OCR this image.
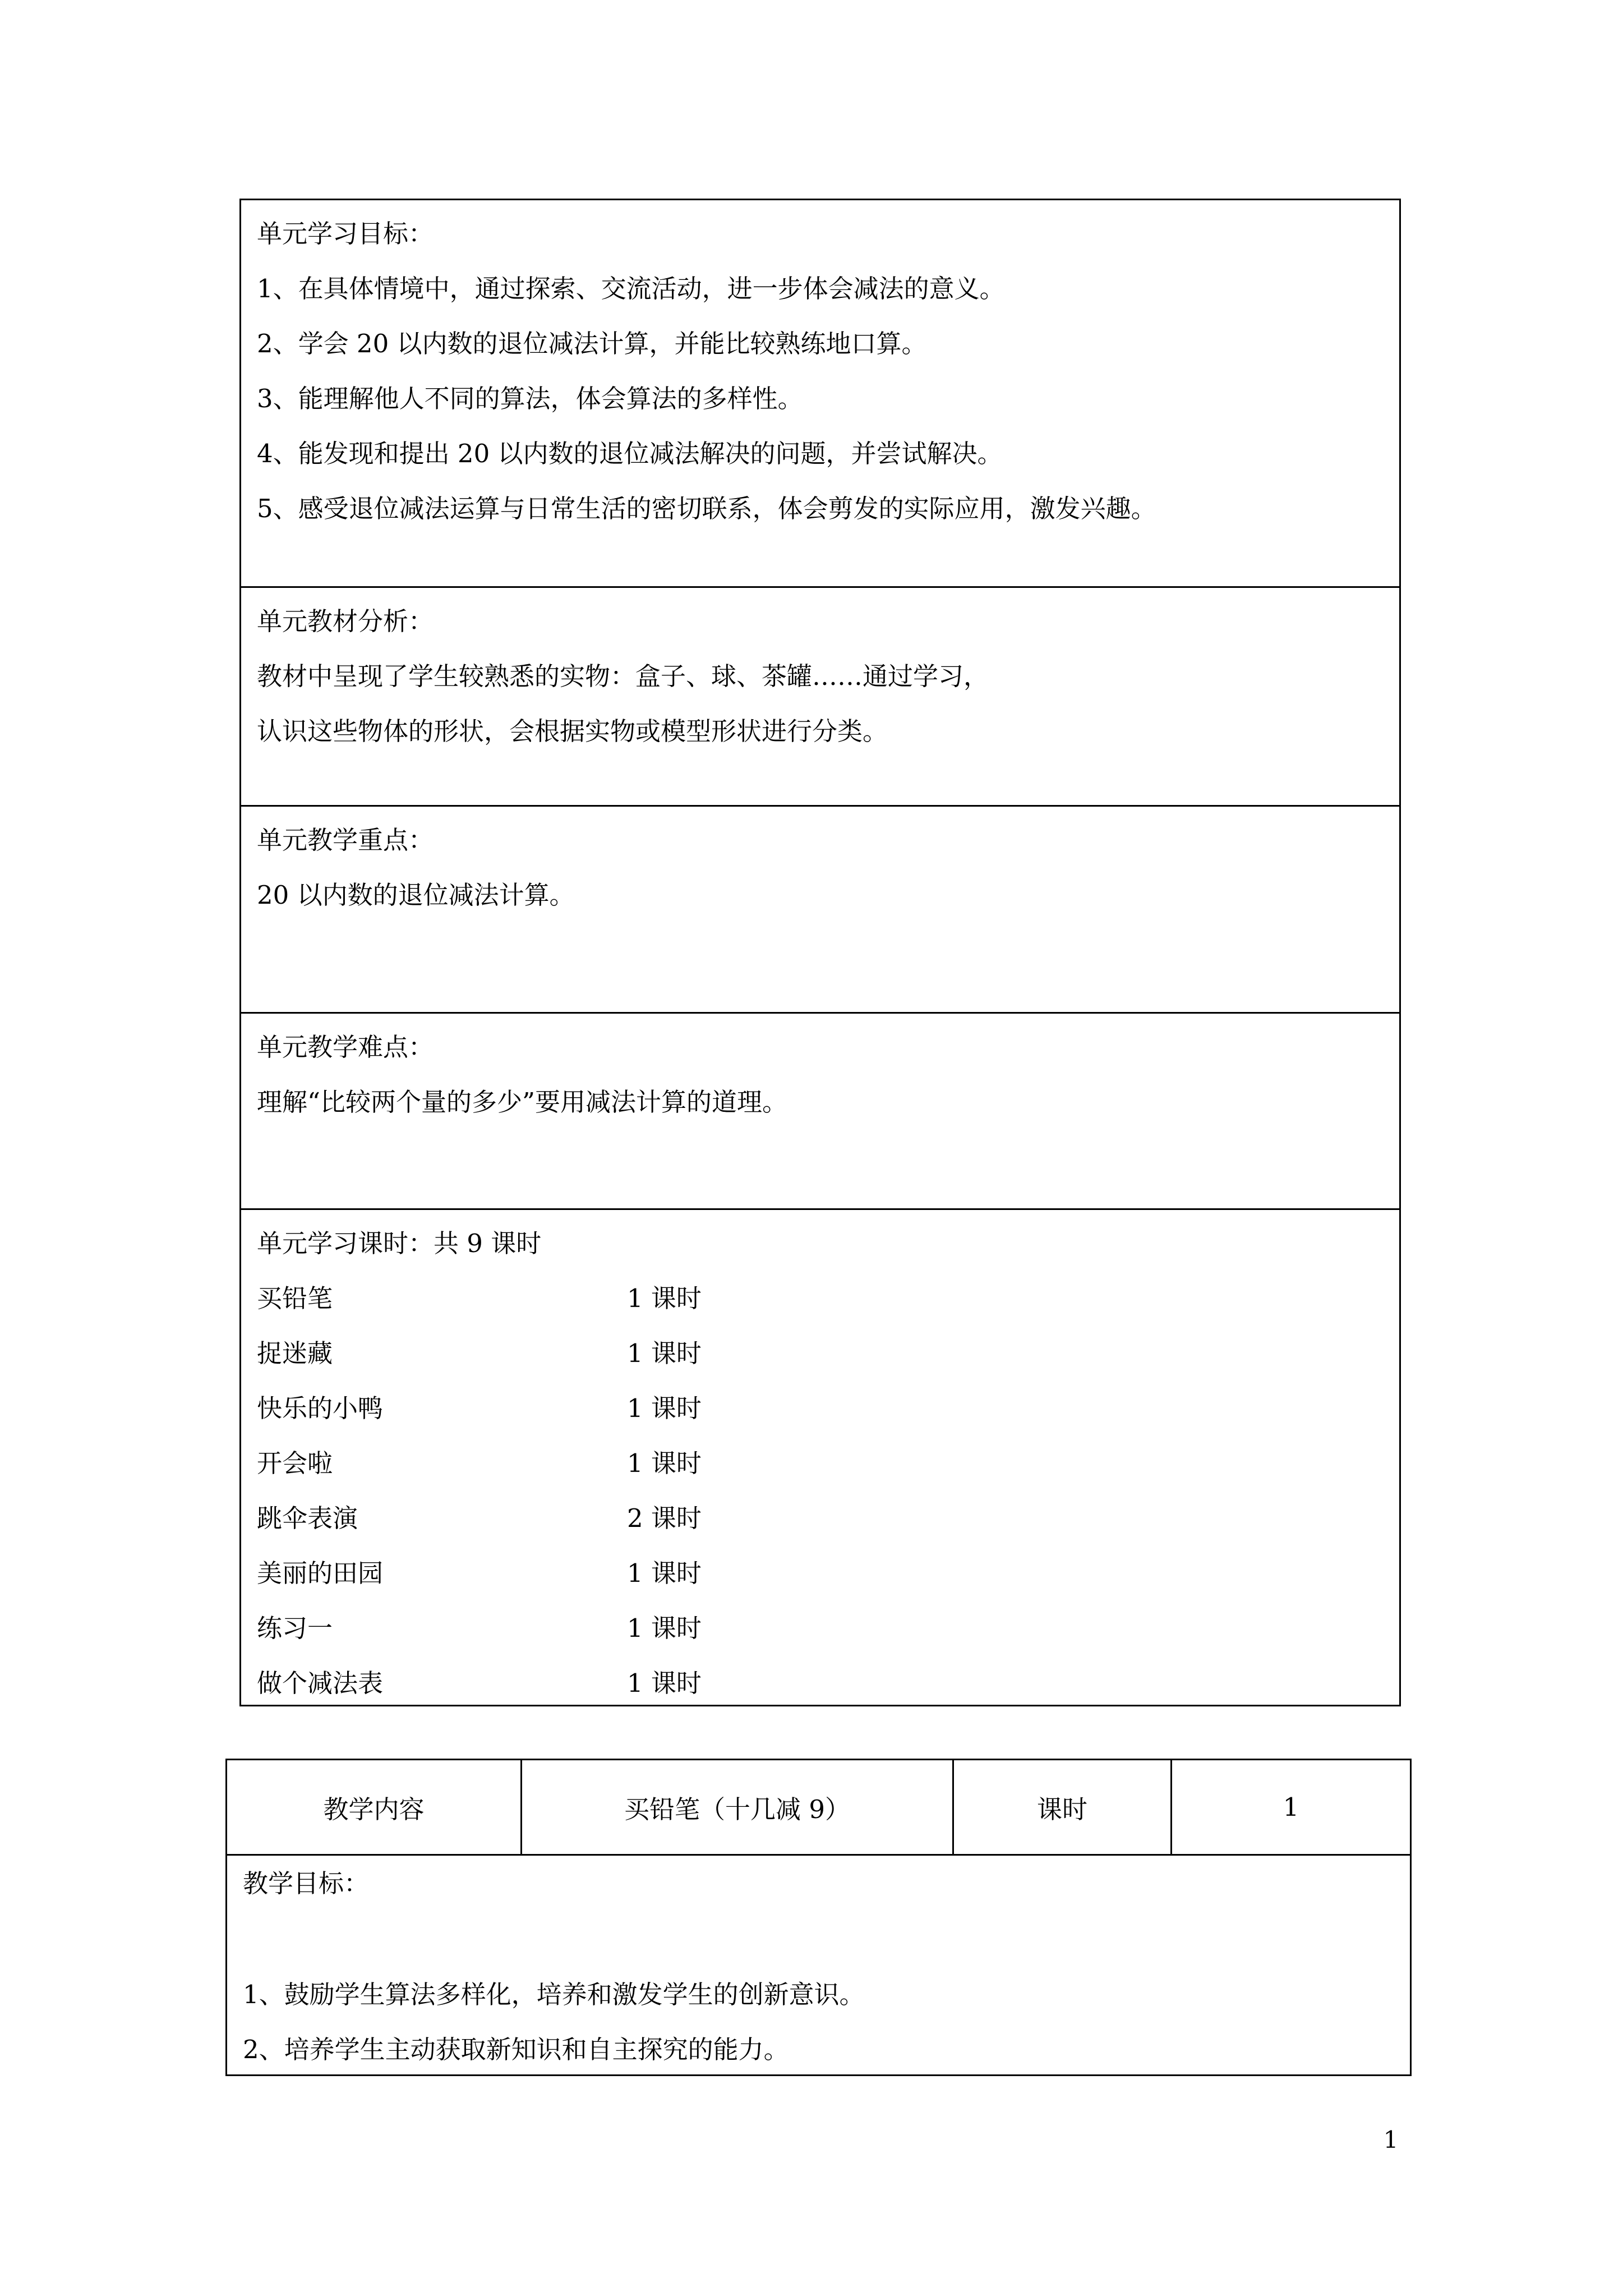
单元学习目标：
1、在具体情境中，通过探索、交流活动，进一步体会减法的意义。
2、学会 20 以内数的退位减法计算，并能比较熟练地口算。
3、能理解他人不同的算法，体会算法的多样性。
4、能发现和提出 20 以内数的退位减法解决的问题，并尝试解决。
5、感受退位减法运算与日常生活的密切联系，体会剪发的实际应用，激发兴趣。
单元教材分析：
教材中呈现了学生较熟悉的实物：盒子、球、茶罐……通过学习，
认识这些物体的形状，会根据实物或模型形状进行分类。
单元教学重点：
20 以内数的退位减法计算。
单元教学难点：
理解“比较两个量的多少”要用减法计算的道理。
单元学习课时：共 9 课时
买铅笔	1 课时
捉迷藏	1 课时
快乐的小鸭	1 课时
开会啦	1 课时
跳伞表演	2 课时
美丽的田园	1 课时
练习一	1 课时
做个减法表	1 课时
教学内容	买铅笔（十几减 9）	课时	1
教学目标：
1、鼓励学生算法多样化，培养和激发学生的创新意识。
2、培养学生主动获取新知识和自主探究的能力。
1
